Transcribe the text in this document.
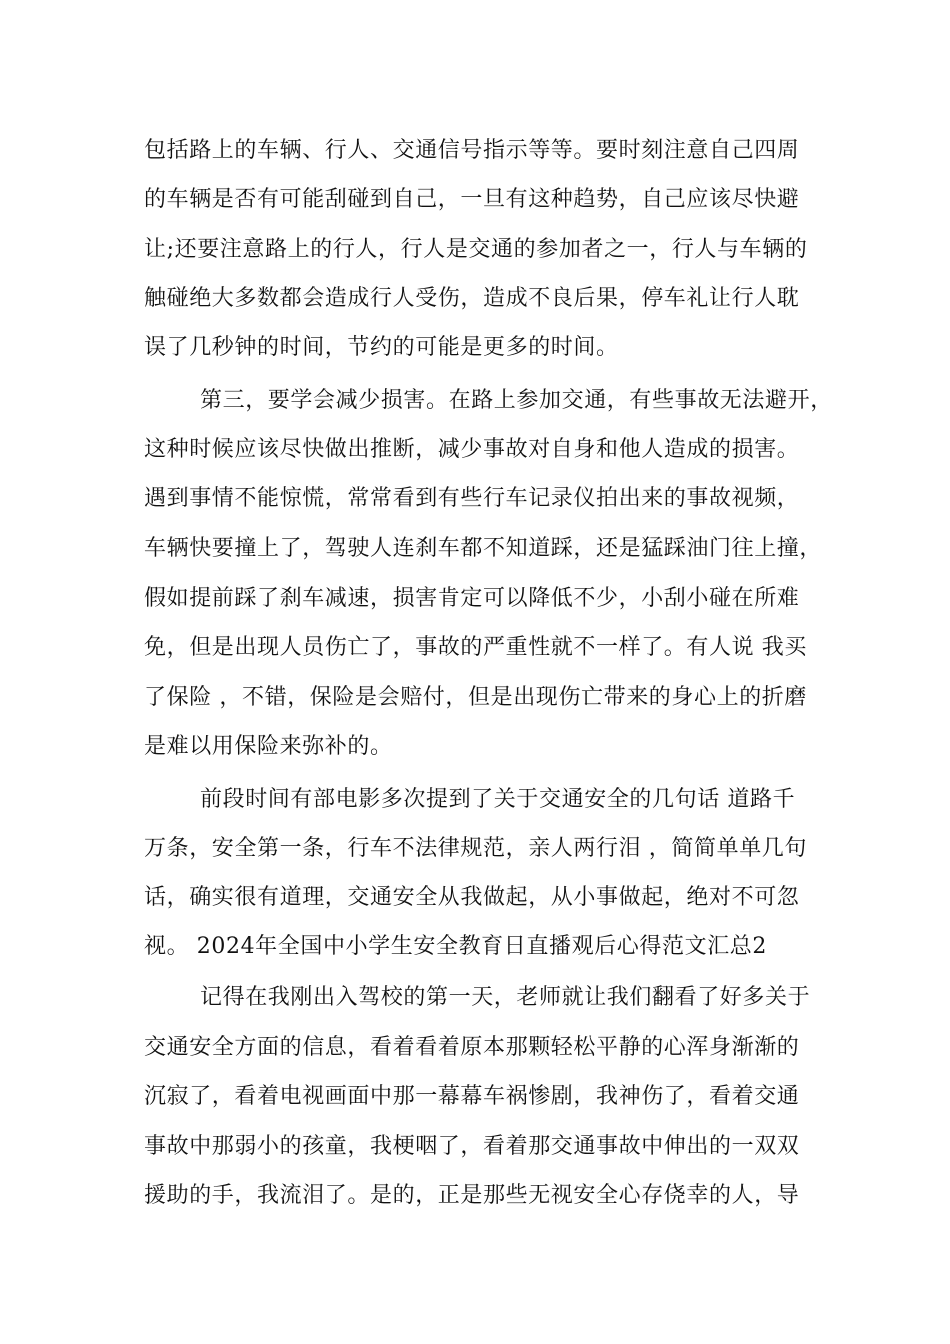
包括路上的车辆、行人、交通信号指示等等。要时刻注意自己四周
的车辆是否有可能刮碰到自己，一旦有这种趋势，自己应该尽快避
让;还要注意路上的行人，行人是交通的参加者之一，行人与车辆的
触碰绝大多数都会造成行人受伤，造成不良后果，停车礼让行人耽
误了几秒钟的时间，节约的可能是更多的时间。
第三，要学会减少损害。在路上参加交通，有些事故无法避开，
这种时候应该尽快做出推断，减少事故对自身和他人造成的损害。
遇到事情不能惊慌，常常看到有些行车记录仪拍出来的事故视频，
车辆快要撞上了，驾驶人连刹车都不知道踩，还是猛踩油门往上撞，
假如提前踩了刹车减速，损害肯定可以降低不少，小刮小碰在所难
免，但是出现人员伤亡了，事故的严重性就不一样了。有人说 我买
了保险 ，不错，保险是会赔付，但是出现伤亡带来的身心上的折磨
是难以用保险来弥补的。
前段时间有部电影多次提到了关于交通安全的几句话 道路千
万条，安全第一条，行车不法律规范，亲人两行泪 ，简简单单几句
话，确实很有道理，交通安全从我做起，从小事做起，绝对不可忽
视。 2024年全国中小学生安全教育日直播观后心得范文汇总2
记得在我刚出入驾校的第一天，老师就让我们翻看了好多关于
交通安全方面的信息，看着看着原本那颗轻松平静的心浑身渐渐的
沉寂了，看着电视画面中那一幕幕车祸惨剧，我神伤了，看着交通
事故中那弱小的孩童，我梗咽了，看着那交通事故中伸出的一双双
援助的手，我流泪了。是的，正是那些无视安全心存侥幸的人，导
